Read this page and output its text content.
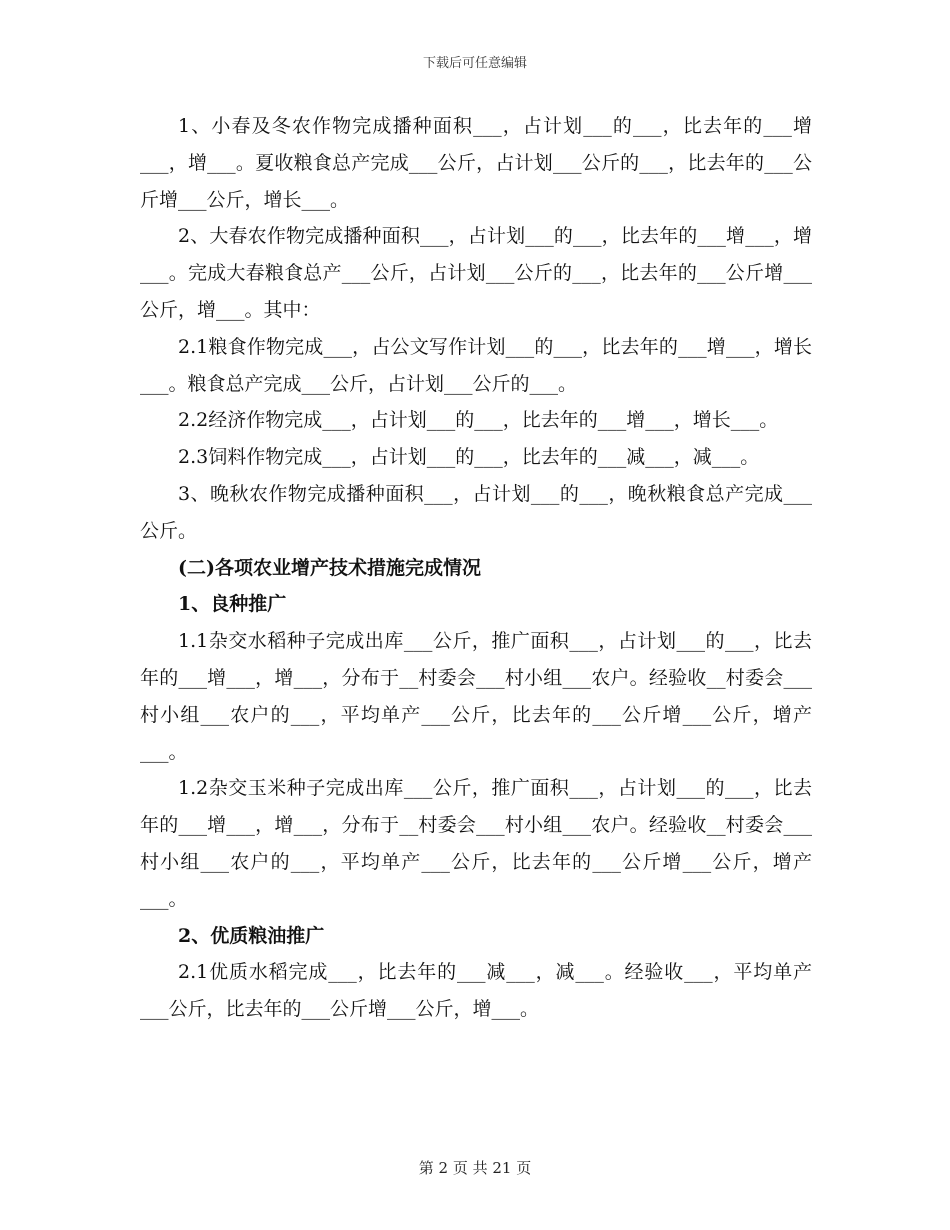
下载后可任意编辑

1、小春及冬农作物完成播种面积___，占计划___的___，比去年的___增___，增___。夏收粮食总产完成___公斤，占计划___公斤的___，比去年的___公斤增___公斤，增长___。

2、大春农作物完成播种面积___，占计划___的___，比去年的___增___，增___。完成大春粮食总产___公斤，占计划___公斤的___，比去年的___公斤增___公斤，增___。其中：

2.1粮食作物完成___，占公文写作计划___的___，比去年的___增___，增长___。粮食总产完成___公斤，占计划___公斤的___。

2.2经济作物完成___，占计划___的___，比去年的___增___，增长___。

2.3饲料作物完成___，占计划___的___，比去年的___减___，减___。

3、晚秋农作物完成播种面积___，占计划___的___，晚秋粮食总产完成___公斤。

(二)各项农业增产技术措施完成情况

1、良种推广

1.1杂交水稻种子完成出库___公斤，推广面积___，占计划___的___，比去年的___增___，增___，分布于__村委会___村小组___农户。经验收__村委会___村小组___农户的___，平均单产___公斤，比去年的___公斤增___公斤，增产___。

1.2杂交玉米种子完成出库___公斤，推广面积___，占计划___的___，比去年的___增___，增___，分布于__村委会___村小组___农户。经验收__村委会___村小组___农户的___，平均单产___公斤，比去年的___公斤增___公斤，增产___。

2、优质粮油推广

2.1优质水稻完成___，比去年的___减___，减___。经验收___，平均单产___公斤，比去年的___公斤增___公斤，增___。

第 2 页 共 21 页
